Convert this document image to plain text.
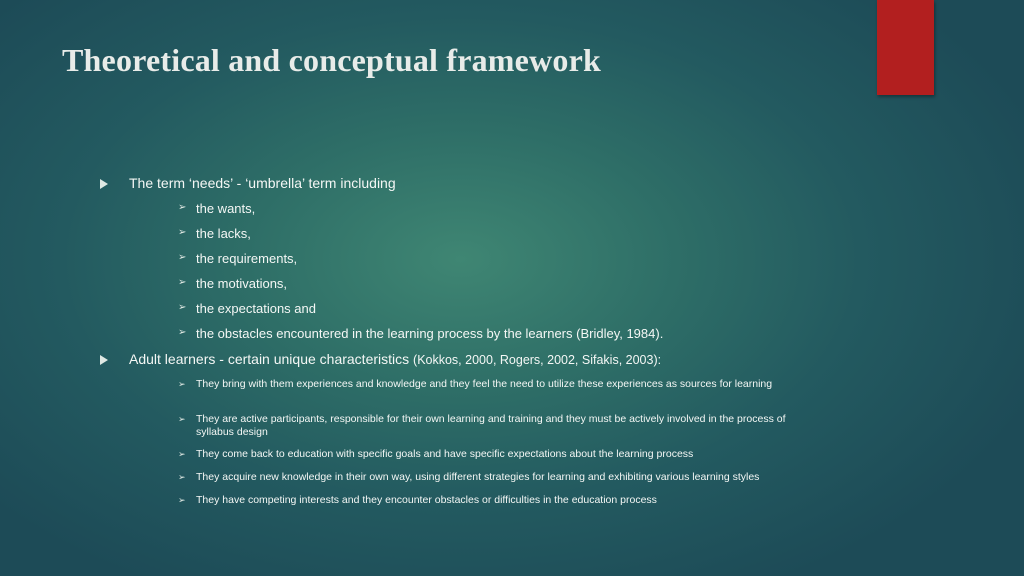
Theoretical and conceptual framework
The term ‘needs’ - ‘umbrella’ term including
➢ the wants,
➢ the lacks,
➢ the requirements,
➢ the motivations,
➢ the expectations and
➢ the obstacles encountered in the learning process by the learners (Bridley, 1984).
Adult learners - certain unique characteristics (Kokkos, 2000, Rogers, 2002, Sifakis, 2003):
➢ They bring with them experiences and knowledge and they feel the need to utilize these experiences as sources for learning
➢ They are active participants, responsible for their own learning and training and they must be actively involved in the process of syllabus design
➢ They come back to education with specific goals and have specific expectations about the learning process
➢ They acquire new knowledge in their own way, using different strategies for learning and exhibiting various learning styles
➢ They have competing interests and they encounter obstacles or difficulties in the education process
